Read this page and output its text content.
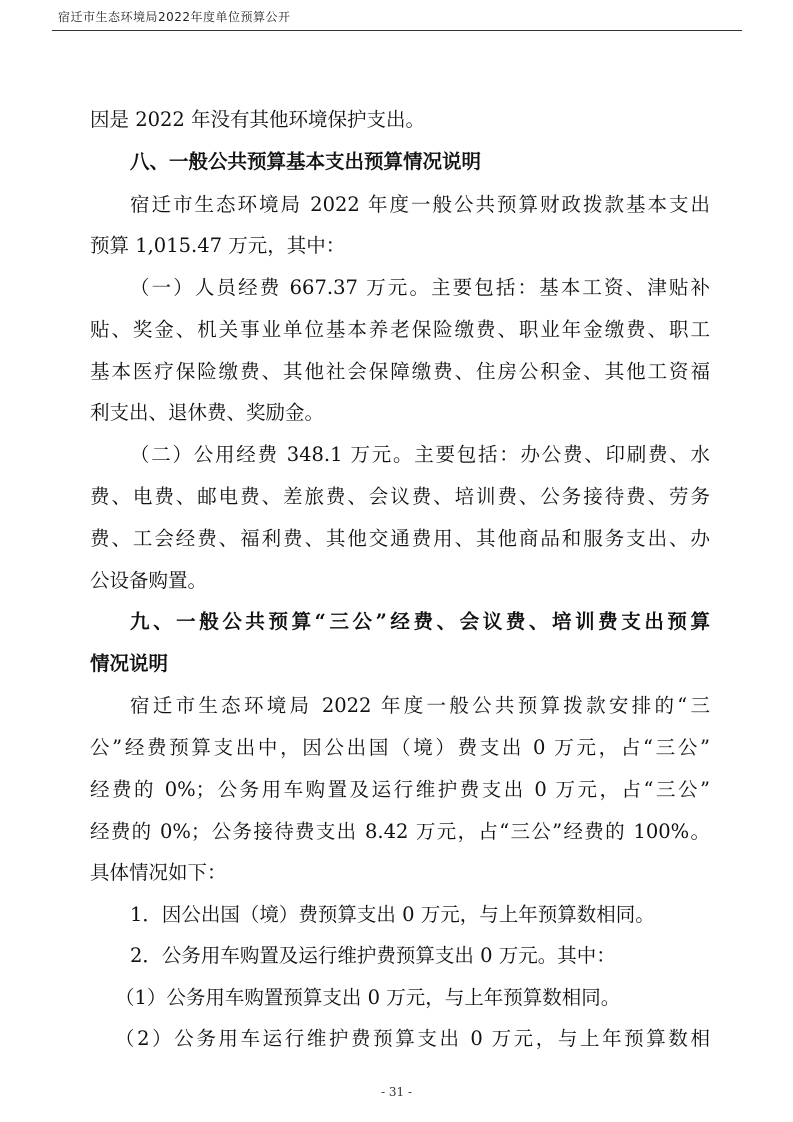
宿迁市生态环境局2022年度单位预算公开
因是 2022 年没有其他环境保护支出。
八、一般公共预算基本支出预算情况说明
宿迁市生态环境局 2022 年度一般公共预算财政拨款基本支出
预算 1,015.47 万元，其中：
（一）人员经费 667.37 万元。主要包括：基本工资、津贴补
贴、奖金、机关事业单位基本养老保险缴费、职业年金缴费、职工
基本医疗保险缴费、其他社会保障缴费、住房公积金、其他工资福
利支出、退休费、奖励金。
（二）公用经费 348.1 万元。主要包括：办公费、印刷费、水
费、电费、邮电费、差旅费、会议费、培训费、公务接待费、劳务
费、工会经费、福利费、其他交通费用、其他商品和服务支出、办
公设备购置。
九、一般公共预算“三公”经费、会议费、培训费支出预算
情况说明
宿迁市生态环境局 2022 年度一般公共预算拨款安排的“三
公”经费预算支出中，因公出国（境）费支出 0 万元，占“三公”
经费的 0%；公务用车购置及运行维护费支出 0 万元，占“三公”
经费的 0%；公务接待费支出 8.42 万元，占“三公”经费的 100%。
具体情况如下：
1．因公出国（境）费预算支出 0 万元，与上年预算数相同。
2．公务用车购置及运行维护费预算支出 0 万元。其中：
（1）公务用车购置预算支出 0 万元，与上年预算数相同。
（2）公务用车运行维护费预算支出 0 万元，与上年预算数相
- 31 -
